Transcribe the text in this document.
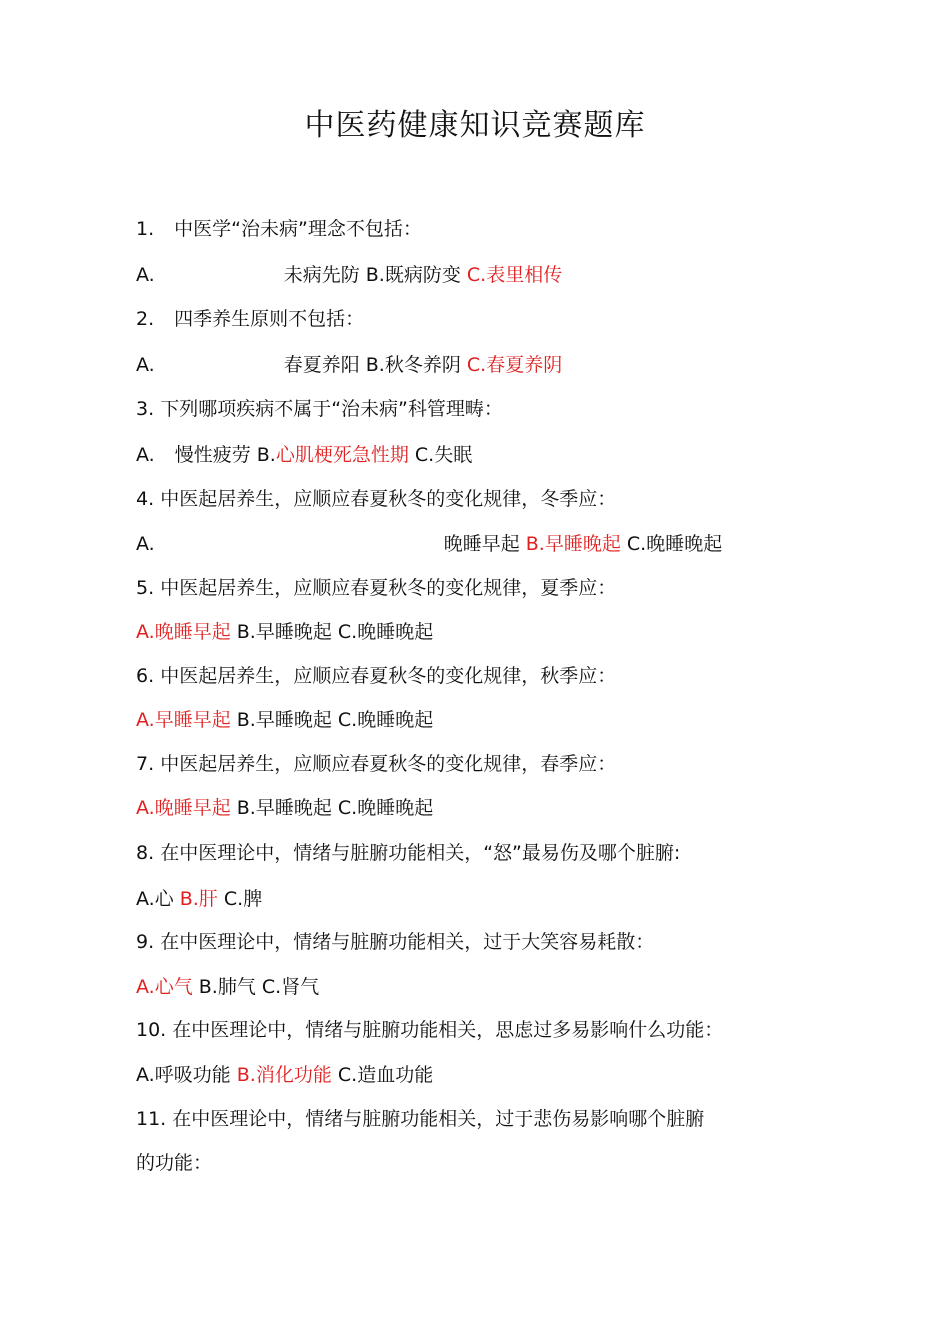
中医药健康知识竞赛题库
1. 中医学“治未病”理念不包括：
A.	未病先防 B.既病防变 C.表里相传
2. 四季养生原则不包括：
A.	春夏养阳 B.秋冬养阴 C.春夏养阴
3. 下列哪项疾病不属于“治未病”科管理畴：
A. 慢性疲劳 B.心肌梗死急性期 C.失眠
4. 中医起居养生，应顺应春夏秋冬的变化规律，冬季应：
A.	晚睡早起 B.早睡晚起 C.晚睡晚起
5. 中医起居养生，应顺应春夏秋冬的变化规律，夏季应：
A.晚睡早起 B.早睡晚起 C.晚睡晚起
6. 中医起居养生，应顺应春夏秋冬的变化规律，秋季应：
A.早睡早起 B.早睡晚起 C.晚睡晚起
7. 中医起居养生，应顺应春夏秋冬的变化规律，春季应：
A.晚睡早起 B.早睡晚起 C.晚睡晚起
8. 在中医理论中，情绪与脏腑功能相关，“怒”最易伤及哪个脏腑:
A.心 B.肝 C.脾
9. 在中医理论中，情绪与脏腑功能相关，过于大笑容易耗散：
A.心气 B.肺气 C.肾气
10. 在中医理论中，情绪与脏腑功能相关，思虑过多易影响什么功能：
A.呼吸功能 B.消化功能 C.造血功能
11. 在中医理论中，情绪与脏腑功能相关，过于悲伤易影响哪个脏腑
的功能：
